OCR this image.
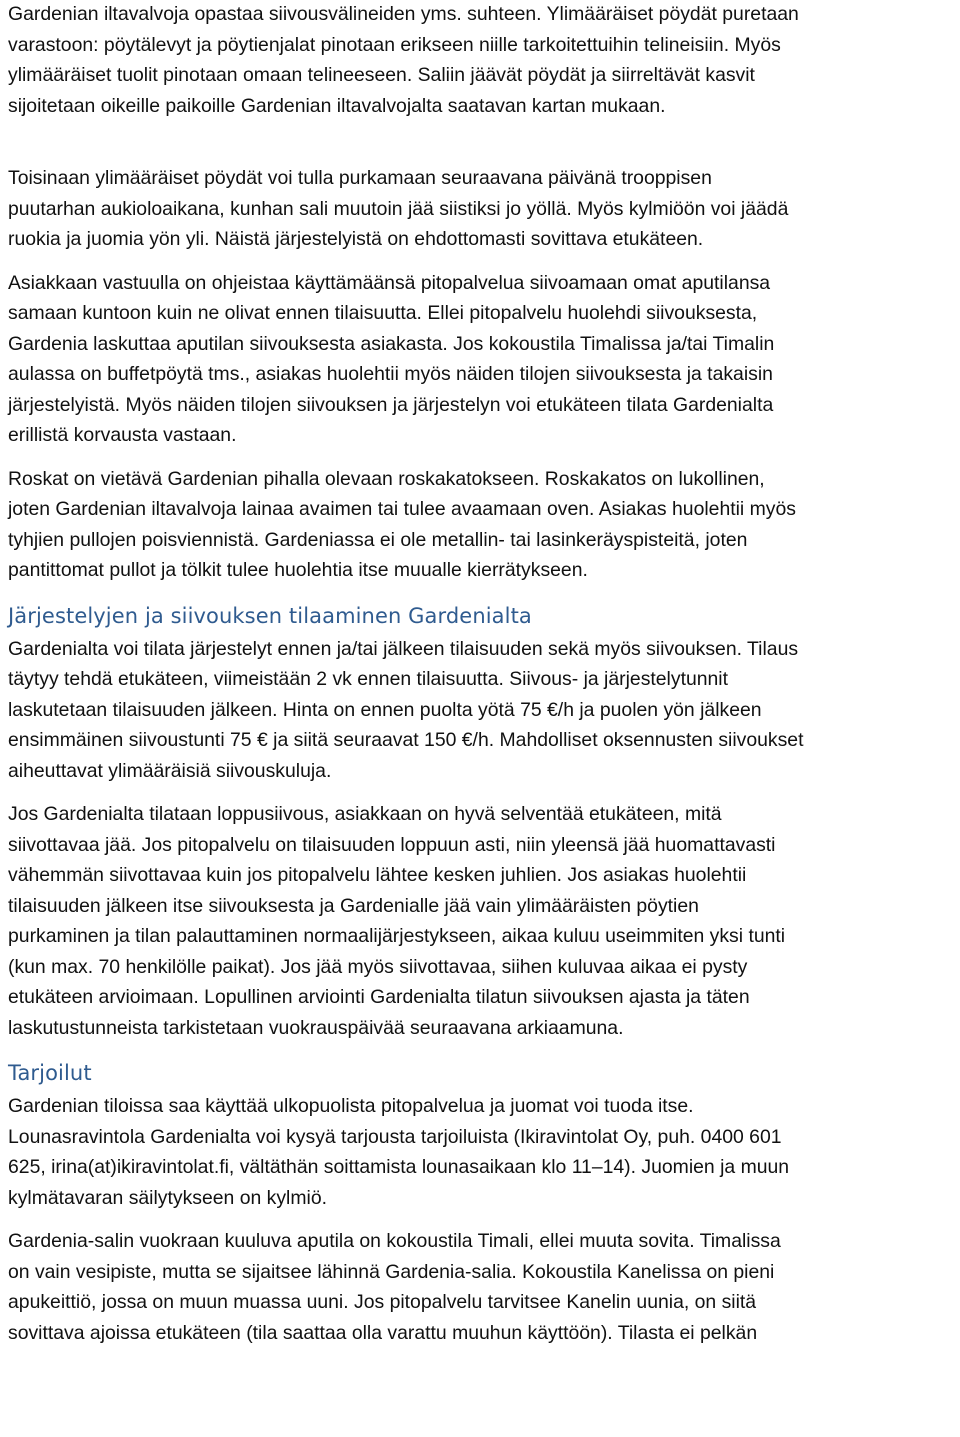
Gardenian iltavalvoja opastaa siivousvälineiden yms. suhteen. Ylimääräiset pöydät puretaan
varastoon: pöytälevyt ja pöytienjalat pinotaan erikseen niille tarkoitettuihin telineisiin. Myös
ylimääräiset tuolit pinotaan omaan telineeseen. Saliin jäävät pöydät ja siirreltävät kasvit
sijoitetaan oikeille paikoille Gardenian iltavalvojalta saatavan kartan mukaan.

Toisinaan ylimääräiset pöydät voi tulla purkamaan seuraavana päivänä trooppisen
puutarhan aukioloaikana, kunhan sali muutoin jää siistiksi jo yöllä. Myös kylmiöön voi jäädä
ruokia ja juomia yön yli. Näistä järjestelyistä on ehdottomasti sovittava etukäteen.

Asiakkaan vastuulla on ohjeistaa käyttämäänsä pitopalvelua siivoamaan omat aputilansa
samaan kuntoon kuin ne olivat ennen tilaisuutta. Ellei pitopalvelu huolehdi siivouksesta,
Gardenia laskuttaa aputilan siivouksesta asiakasta. Jos kokoustila Timalissa ja/tai Timalin
aulassa on buffetpöytä tms., asiakas huolehtii myös näiden tilojen siivouksesta ja takaisin
järjestelyistä. Myös näiden tilojen siivouksen ja järjestelyn voi etukäteen tilata Gardenialta
erillistä korvausta vastaan.

Roskat on vietävä Gardenian pihalla olevaan roskakatokseen. Roskakatos on lukollinen,
joten Gardenian iltavalvoja lainaa avaimen tai tulee avaamaan oven. Asiakas huolehtii myös
tyhjien pullojen poisviennistä. Gardeniassa ei ole metallin- tai lasinkeräyspisteitä, joten
pantittomat pullot ja tölkit tulee huolehtia itse muualle kierrätykseen.

Järjestelyjen ja siivouksen tilaaminen Gardenialta

Gardenialta voi tilata järjestelyt ennen ja/tai jälkeen tilaisuuden sekä myös siivouksen. Tilaus
täytyy tehdä etukäteen, viimeistään 2 vk ennen tilaisuutta. Siivous- ja järjestelytunnit
laskutetaan tilaisuuden jälkeen. Hinta on ennen puolta yötä 75 €/h ja puolen yön jälkeen
ensimmäinen siivoustunti 75 € ja siitä seuraavat 150 €/h. Mahdolliset oksennusten siivoukset
aiheuttavat ylimääräisiä siivouskuluja.

Jos Gardenialta tilataan loppusiivous, asiakkaan on hyvä selventää etukäteen, mitä
siivottavaa jää. Jos pitopalvelu on tilaisuuden loppuun asti, niin yleensä jää huomattavasti
vähemmän siivottavaa kuin jos pitopalvelu lähtee kesken juhlien. Jos asiakas huolehtii
tilaisuuden jälkeen itse siivouksesta ja Gardenialle jää vain ylimääräisten pöytien
purkaminen ja tilan palauttaminen normaalijärjestykseen, aikaa kuluu useimmiten yksi tunti
(kun max. 70 henkilölle paikat). Jos jää myös siivottavaa, siihen kuluvaa aikaa ei pysty
etukäteen arvioimaan. Lopullinen arviointi Gardenialta tilatun siivouksen ajasta ja täten
laskutustunneista tarkistetaan vuokrauspäivää seuraavana arkiaamuna.

Tarjoilut

Gardenian tiloissa saa käyttää ulkopuolista pitopalvelua ja juomat voi tuoda itse.
Lounasravintola Gardenialta voi kysyä tarjousta tarjoiluista (Ikiravintolat Oy, puh. 0400 601
625, irina(at)ikiravintolat.fi, vältäthän soittamista lounasaikaan klo 11–14). Juomien ja muun
kylmätavaran säilytykseen on kylmiö.

Gardenia-salin vuokraan kuuluva aputila on kokoustila Timali, ellei muuta sovita. Timalissa
on vain vesipiste, mutta se sijaitsee lähinnä Gardenia-salia. Kokoustila Kanelissa on pieni
apukeittiö, jossa on muun muassa uuni. Jos pitopalvelu tarvitsee Kanelin uunia, on siitä
sovittava ajoissa etukäteen (tila saattaa olla varattu muuhun käyttöön). Tilasta ei pelkän
